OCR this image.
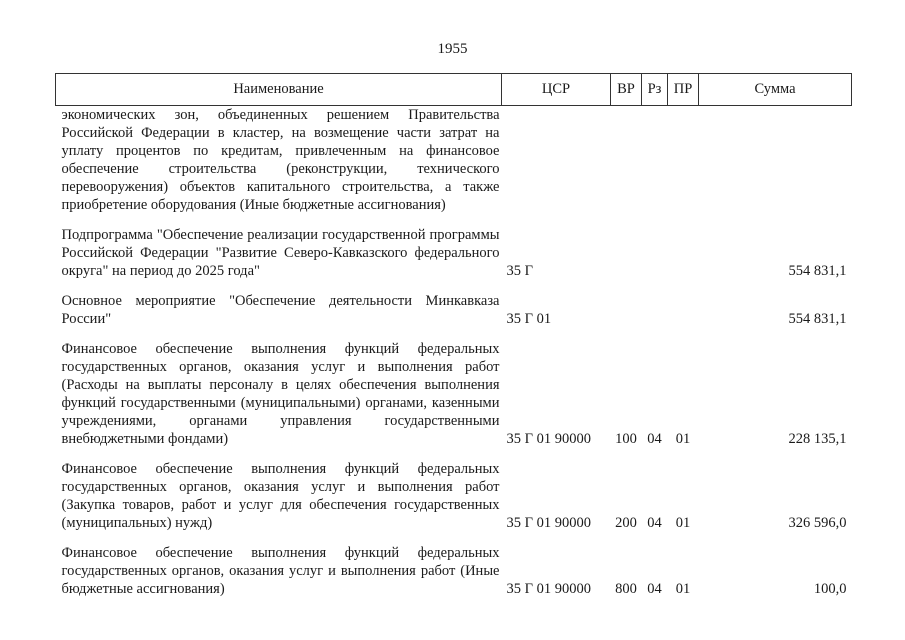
1955
Наименование	ЦСР	ВР	Рз	ПР	Сумма
экономических зон, объединенных решением Правительства Российской Федерации в кластер, на возмещение части затрат на уплату процентов по кредитам, привлеченным на финансовое обеспечение строительства (реконструкции, технического перевооружения) объектов капитального строительства, а также приобретение оборудования (Иные бюджетные ассигнования)					
Подпрограмма "Обеспечение реализации государственной программы Российской Федерации "Развитие Северо-Кавказского федерального округа" на период до 2025 года"	35 Г				554 831,1
Основное мероприятие "Обеспечение деятельности Минкавказа России"	35 Г 01				554 831,1
Финансовое обеспечение выполнения функций федеральных государственных органов, оказания услуг и выполнения работ (Расходы на выплаты персоналу в целях обеспечения выполнения функций государственными (муниципальными) органами, казенными учреждениями, органами управления государственными внебюджетными фондами)	35 Г 01 90000	100	04	01	228 135,1
Финансовое обеспечение выполнения функций федеральных государственных органов, оказания услуг и выполнения работ (Закупка товаров, работ и услуг для обеспечения государственных (муниципальных) нужд)	35 Г 01 90000	200	04	01	326 596,0
Финансовое обеспечение выполнения функций федеральных государственных органов, оказания услуг и выполнения работ (Иные бюджетные ассигнования)	35 Г 01 90000	800	04	01	100,0
